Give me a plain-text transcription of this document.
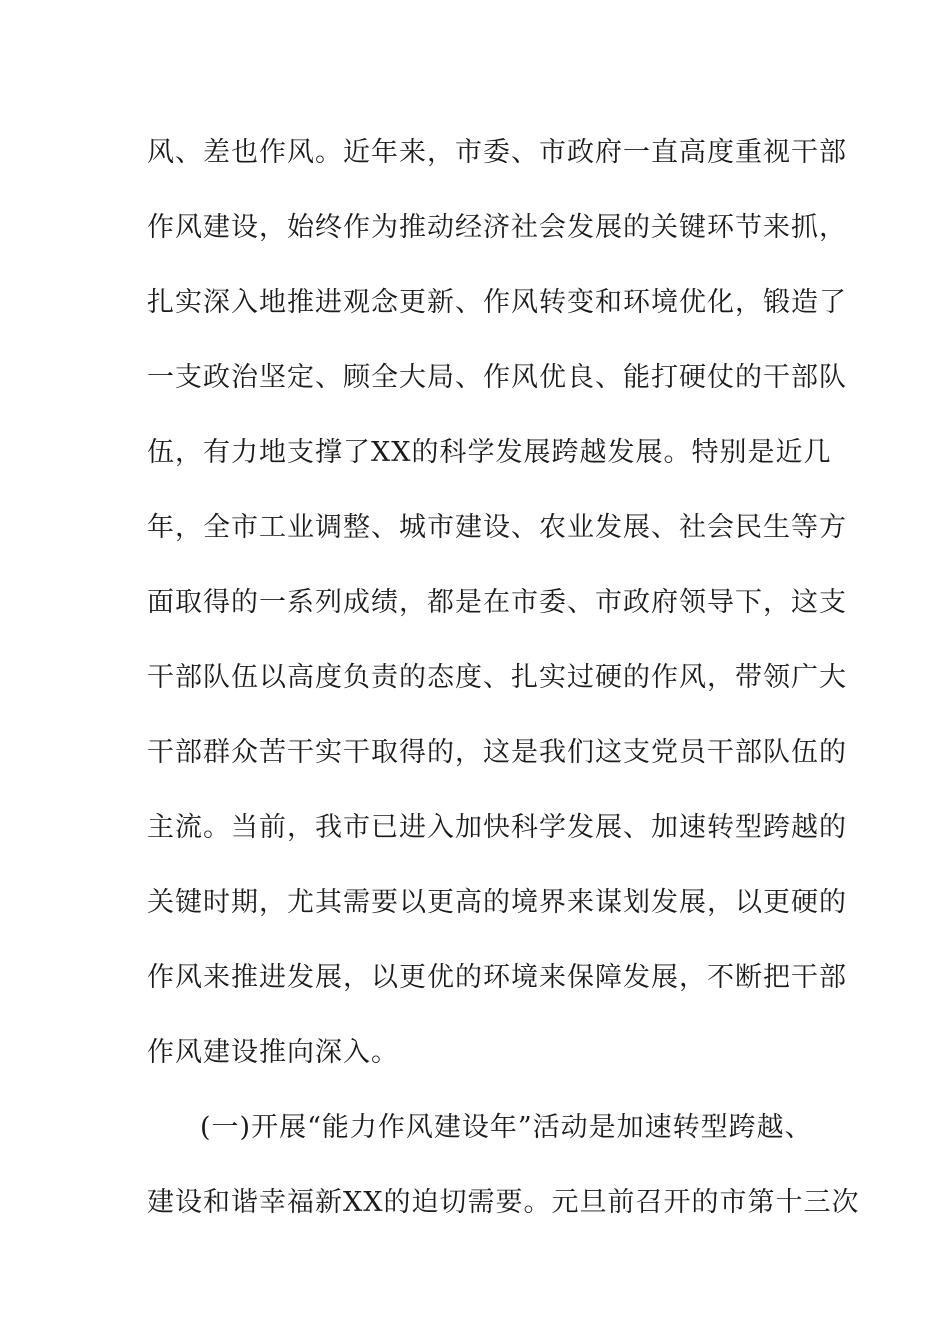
风、差也作风。近年来，市委、市政府一直高度重视干部
作风建设，始终作为推动经济社会发展的关键环节来抓，
扎实深入地推进观念更新、作风转变和环境优化，锻造了
一支政治坚定、顾全大局、作风优良、能打硬仗的干部队
伍，有力地支撑了XX的科学发展跨越发展。特别是近几
年，全市工业调整、城市建设、农业发展、社会民生等方
面取得的一系列成绩，都是在市委、市政府领导下，这支
干部队伍以高度负责的态度、扎实过硬的作风，带领广大
干部群众苦干实干取得的，这是我们这支党员干部队伍的
主流。当前，我市已进入加快科学发展、加速转型跨越的
关键时期，尤其需要以更高的境界来谋划发展，以更硬的
作风来推进发展，以更优的环境来保障发展，不断把干部
作风建设推向深入。
(一)开展“能力作风建设年”活动是加速转型跨越、
建设和谐幸福新XX的迫切需要。元旦前召开的市第十三次
